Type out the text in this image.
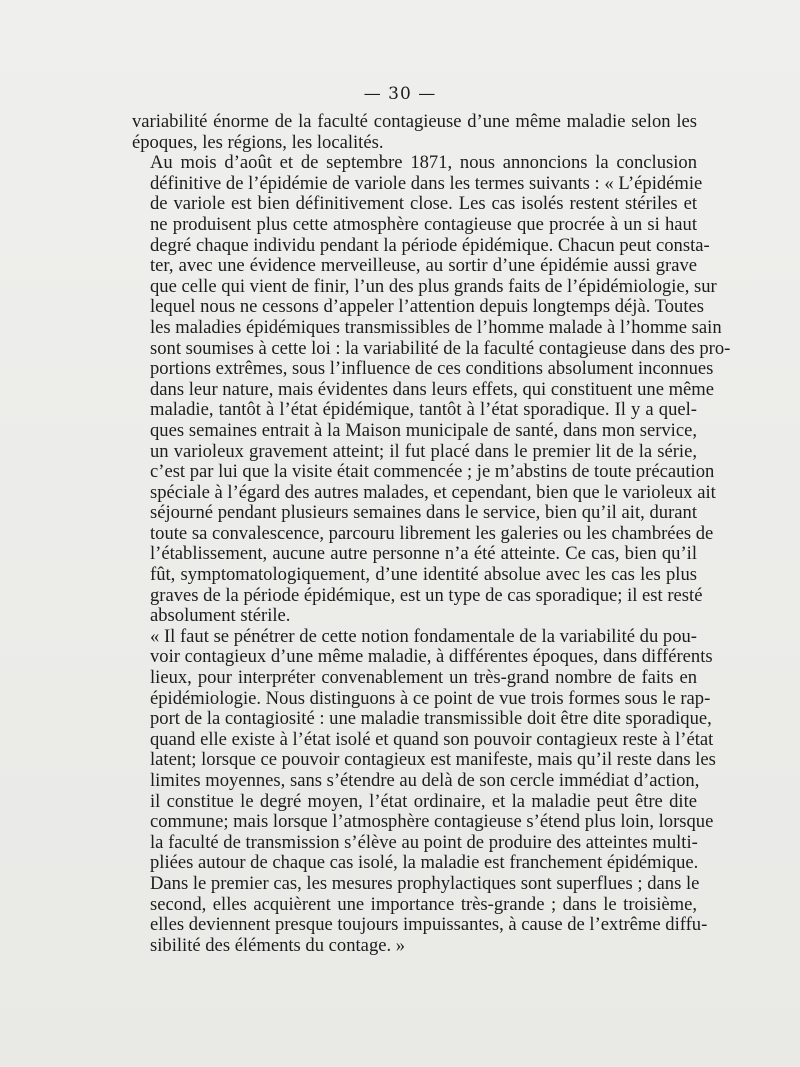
— 30 —

variabilité énorme de la faculté contagieuse d’une même maladie selon les
époques, les régions, les localités.

Au mois d’août et de septembre 1871, nous annoncions la conclusion
définitive de l’épidémie de variole dans les termes suivants : « L’épidémie
de variole est bien définitivement close. Les cas isolés restent stériles et
ne produisent plus cette atmosphère contagieuse que procrée à un si haut
degré chaque individu pendant la période épidémique. Chacun peut consta-
ter, avec une évidence merveilleuse, au sortir d’une épidémie aussi grave
que celle qui vient de finir, l’un des plus grands faits de l’épidémiologie, sur
lequel nous ne cessons d’appeler l’attention depuis longtemps déjà. Toutes
les maladies épidémiques transmissibles de l’homme malade à l’homme sain
sont soumises à cette loi : la variabilité de la faculté contagieuse dans des pro-
portions extrêmes, sous l’influence de ces conditions absolument inconnues
dans leur nature, mais évidentes dans leurs effets, qui constituent une même
maladie, tantôt à l’état épidémique, tantôt à l’état sporadique. Il y a quel-
ques semaines entrait à la Maison municipale de santé, dans mon service,
un varioleux gravement atteint; il fut placé dans le premier lit de la série,
c’est par lui que la visite était commencée ; je m’abstins de toute précaution
spéciale à l’égard des autres malades, et cependant, bien que le varioleux ait
séjourné pendant plusieurs semaines dans le service, bien qu’il ait, durant
toute sa convalescence, parcouru librement les galeries ou les chambrées de
l’établissement, aucune autre personne n’a été atteinte. Ce cas, bien qu’il
fût, symptomatologiquement, d’une identité absolue avec les cas les plus
graves de la période épidémique, est un type de cas sporadique; il est resté
absolument stérile.

« Il faut se pénétrer de cette notion fondamentale de la variabilité du pou-
voir contagieux d’une même maladie, à différentes époques, dans différents
lieux, pour interpréter convenablement un très-grand nombre de faits en
épidémiologie. Nous distinguons à ce point de vue trois formes sous le rap-
port de la contagiosité : une maladie transmissible doit être dite sporadique,
quand elle existe à l’état isolé et quand son pouvoir contagieux reste à l’état
latent; lorsque ce pouvoir contagieux est manifeste, mais qu’il reste dans les
limites moyennes, sans s’étendre au delà de son cercle immédiat d’action,
il constitue le degré moyen, l’état ordinaire, et la maladie peut être dite
commune; mais lorsque l’atmosphère contagieuse s’étend plus loin, lorsque
la faculté de transmission s’élève au point de produire des atteintes multi-
pliées autour de chaque cas isolé, la maladie est franchement épidémique.
Dans le premier cas, les mesures prophylactiques sont superflues ; dans le
second, elles acquièrent une importance très-grande ; dans le troisième,
elles deviennent presque toujours impuissantes, à cause de l’extrême diffu-
sibilité des éléments du contage. »
